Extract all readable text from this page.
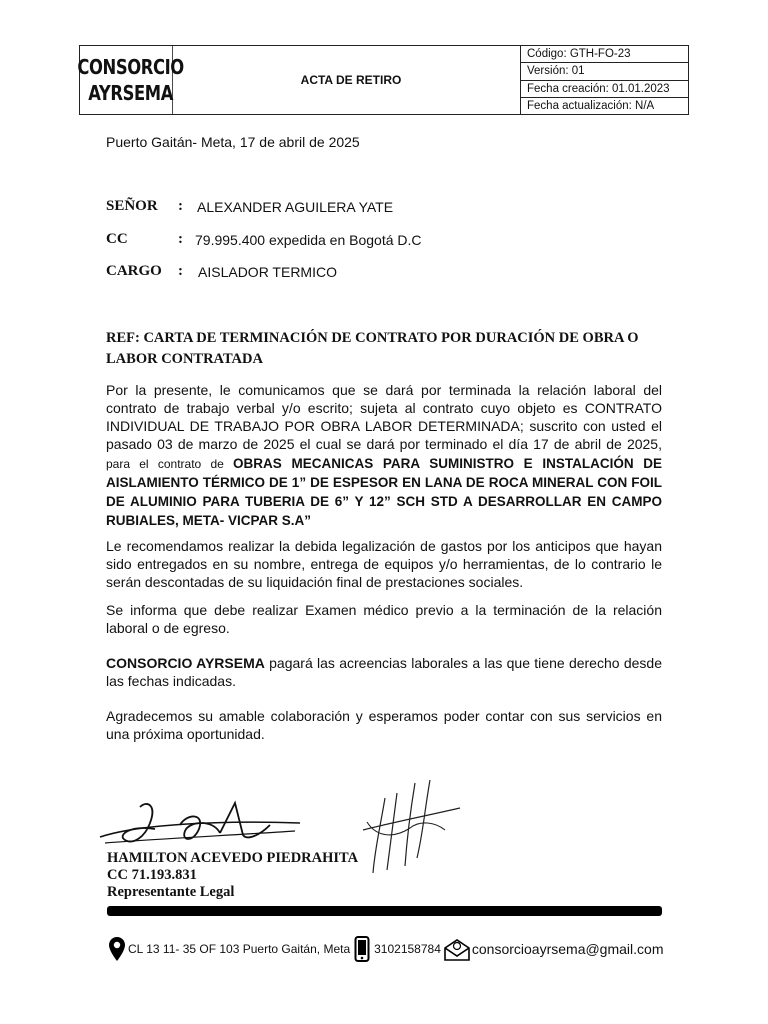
CONSORCIO
AYRSEMA
ACTA DE RETIRO
Código: GTH-FO-23
Versión: 01
Fecha creación: 01.01.2023
Fecha actualización: N/A
Puerto Gaitán- Meta, 17 de abril de 2025
SEÑOR : ALEXANDER AGUILERA YATE
CC	: 79.995.400 expedida en Bogotá D.C
CARGO : AISLADOR TERMICO
REF: CARTA DE TERMINACIÓN DE CONTRATO POR DURACIÓN DE OBRA O LABOR CONTRATADA
Por la presente, le comunicamos que se dará por terminada la relación laboral del contrato de trabajo verbal y/o escrito; sujeta al contrato cuyo objeto es CONTRATO INDIVIDUAL DE TRABAJO POR OBRA LABOR DETERMINADA; suscrito con usted el pasado 03 de marzo de 2025 el cual se dará por terminado el día 17 de abril de 2025, para el contrato de OBRAS MECANICAS PARA SUMINISTRO E INSTALACIÓN DE AISLAMIENTO TÉRMICO DE 1” DE ESPESOR EN LANA DE ROCA MINERAL CON FOIL DE ALUMINIO PARA TUBERIA DE 6” Y 12” SCH STD A DESARROLLAR EN CAMPO RUBIALES, META- VICPAR S.A”
Le recomendamos realizar la debida legalización de gastos por los anticipos que hayan sido entregados en su nombre, entrega de equipos y/o herramientas, de lo contrario le serán descontadas de su liquidación final de prestaciones sociales.
Se informa que debe realizar Examen médico previo a la terminación de la relación laboral o de egreso.
CONSORCIO AYRSEMA pagará las acreencias laborales a las que tiene derecho desde las fechas indicadas.
Agradecemos su amable colaboración y esperamos poder contar con sus servicios en una próxima oportunidad.
HAMILTON ACEVEDO PIEDRAHITA
CC 71.193.831
Representante Legal
CL 13 11- 35 OF 103 Puerto Gaitán, Meta 3102158784 consorcioayrsema@gmail.com
